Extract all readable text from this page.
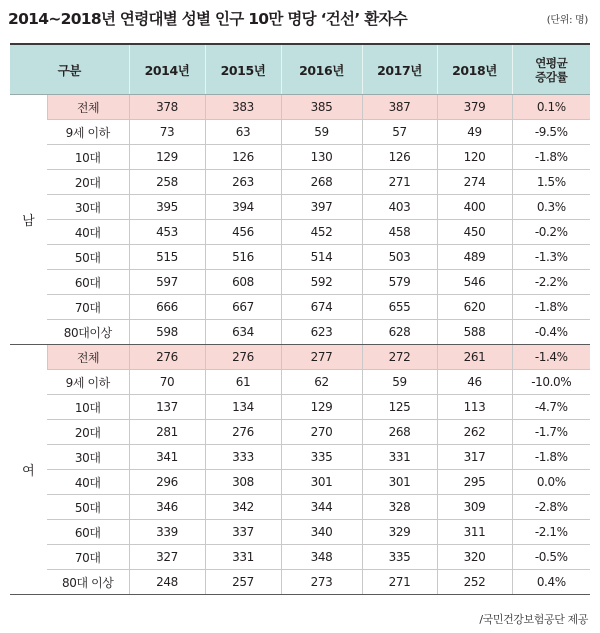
2014~2018년 연령대별 성별 인구 10만 명당 ‘건선’ 환자수	(단위: 명)
구분		2014년	2015년	2016년	2017년	2018년	연평균
증감률
남	전체	378	383	385	387	379	0.1%
	9세 이하	73	63	59	57	49	-9.5%
	10대	129	126	130	126	120	-1.8%
	20대	258	263	268	271	274	1.5%
	30대	395	394	397	403	400	0.3%
	40대	453	456	452	458	450	-0.2%
	50대	515	516	514	503	489	-1.3%
	60대	597	608	592	579	546	-2.2%
	70대	666	667	674	655	620	-1.8%
	80대이상	598	634	623	628	588	-0.4%
여	전체	276	276	277	272	261	-1.4%
	9세 이하	70	61	62	59	46	-10.0%
	10대	137	134	129	125	113	-4.7%
	20대	281	276	270	268	262	-1.7%
	30대	341	333	335	331	317	-1.8%
	40대	296	308	301	301	295	0.0%
	50대	346	342	344	328	309	-2.8%
	60대	339	337	340	329	311	-2.1%
	70대	327	331	348	335	320	-0.5%
	80대 이상	248	257	273	271	252	0.4%
/국민건강보험공단 제공
